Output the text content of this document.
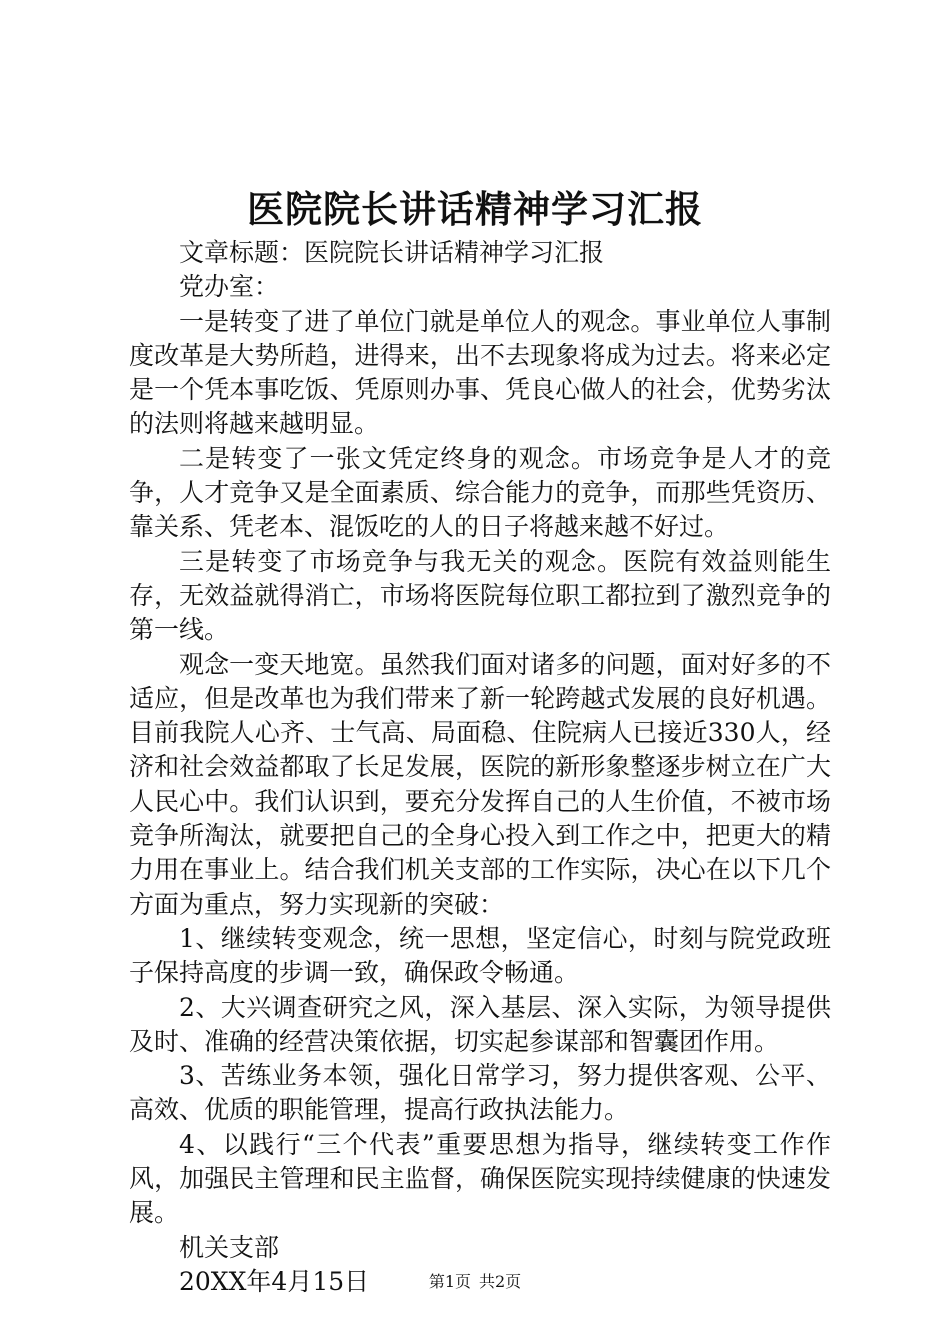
医院院长讲话精神学习汇报

文章标题：医院院长讲话精神学习汇报

党办室：

一是转变了进了单位门就是单位人的观念。事业单位人事制度改革是大势所趋，进得来，出不去现象将成为过去。将来必定是一个凭本事吃饭、凭原则办事、凭良心做人的社会，优势劣汰的法则将越来越明显。

二是转变了一张文凭定终身的观念。市场竞争是人才的竞争，人才竞争又是全面素质、综合能力的竞争，而那些凭资历、靠关系、凭老本、混饭吃的人的日子将越来越不好过。

三是转变了市场竞争与我无关的观念。医院有效益则能生存，无效益就得消亡，市场将医院每位职工都拉到了激烈竞争的第一线。

观念一变天地宽。虽然我们面对诸多的问题，面对好多的不适应，但是改革也为我们带来了新一轮跨越式发展的良好机遇。目前我院人心齐、士气高、局面稳、住院病人已接近330人，经济和社会效益都取了长足发展，医院的新形象整逐步树立在广大人民心中。我们认识到，要充分发挥自己的人生价值，不被市场竞争所淘汰，就要把自己的全身心投入到工作之中，把更大的精力用在事业上。结合我们机关支部的工作实际，决心在以下几个方面为重点，努力实现新的突破：

1、继续转变观念，统一思想，坚定信心，时刻与院党政班子保持高度的步调一致，确保政令畅通。

2、大兴调查研究之风，深入基层、深入实际，为领导提供及时、准确的经营决策依据，切实起参谋部和智囊团作用。

3、苦练业务本领，强化日常学习，努力提供客观、公平、高效、优质的职能管理，提高行政执法能力。

4、以践行“三个代表”重要思想为指导，继续转变工作作风，加强民主管理和民主监督，确保医院实现持续健康的快速发展。

机关支部

20XX年4月15日	第1页 共2页
